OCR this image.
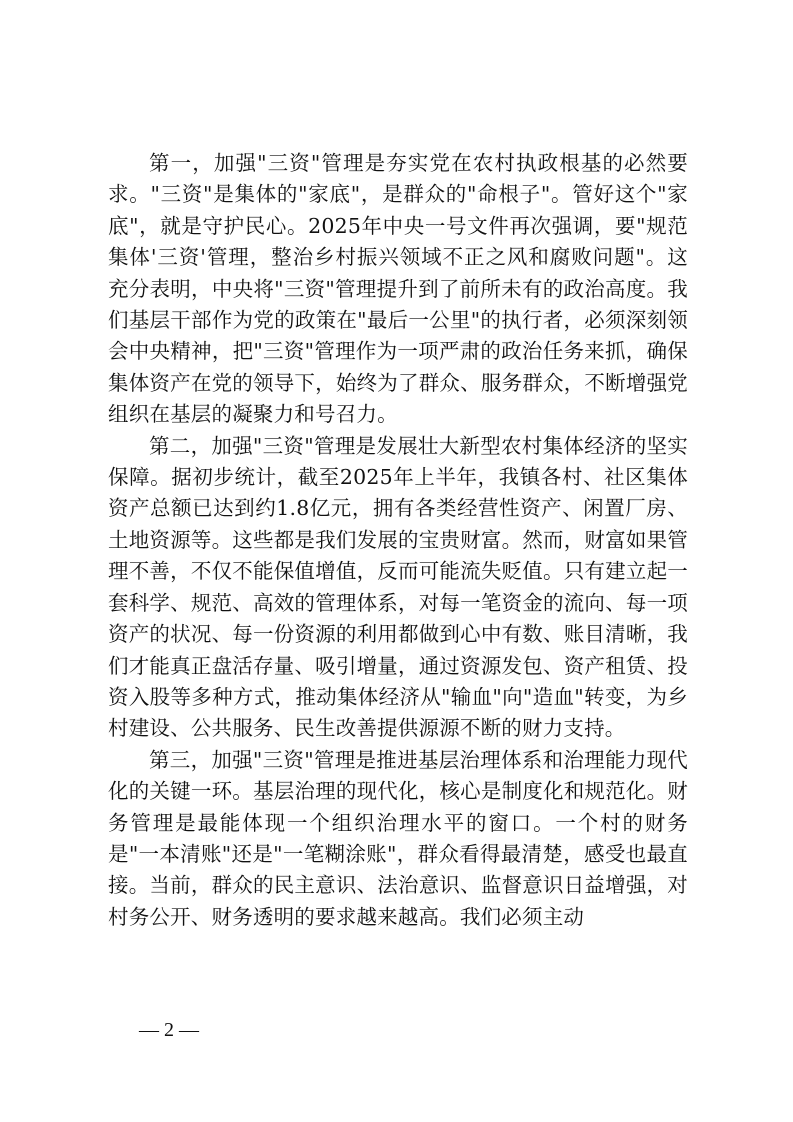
第一，加强"三资"管理是夯实党在农村执政根基的必然要求。"三资"是集体的"家底"，是群众的"命根子"。管好这个"家底"，就是守护民心。2025年中央一号文件再次强调，要"规范集体'三资'管理，整治乡村振兴领域不正之风和腐败问题"。这充分表明，中央将"三资"管理提升到了前所未有的政治高度。我们基层干部作为党的政策在"最后一公里"的执行者，必须深刻领会中央精神，把"三资"管理作为一项严肃的政治任务来抓，确保集体资产在党的领导下，始终为了群众、服务群众，不断增强党组织在基层的凝聚力和号召力。

第二，加强"三资"管理是发展壮大新型农村集体经济的坚实保障。据初步统计，截至2025年上半年，我镇各村、社区集体资产总额已达到约1.8亿元，拥有各类经营性资产、闲置厂房、土地资源等。这些都是我们发展的宝贵财富。然而，财富如果管理不善，不仅不能保值增值，反而可能流失贬值。只有建立起一套科学、规范、高效的管理体系，对每一笔资金的流向、每一项资产的状况、每一份资源的利用都做到心中有数、账目清晰，我们才能真正盘活存量、吸引增量，通过资源发包、资产租赁、投资入股等多种方式，推动集体经济从"输血"向"造血"转变，为乡村建设、公共服务、民生改善提供源源不断的财力支持。

第三，加强"三资"管理是推进基层治理体系和治理能力现代化的关键一环。基层治理的现代化，核心是制度化和规范化。财务管理是最能体现一个组织治理水平的窗口。一个村的财务是"一本清账"还是"一笔糊涂账"，群众看得最清楚，感受也最直接。当前，群众的民主意识、法治意识、监督意识日益增强，对村务公开、财务透明的要求越来越高。我们必须主动

— 2 —
